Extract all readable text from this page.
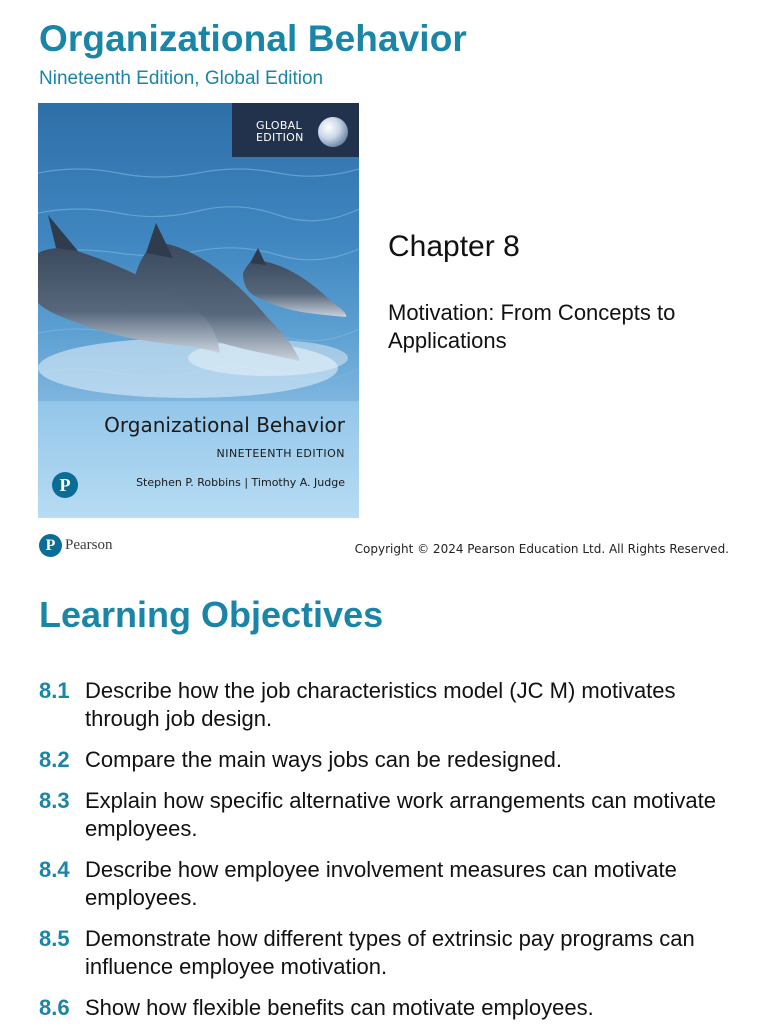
Organizational Behavior
Nineteenth Edition, Global Edition
GLOBAL
EDITION
Organizational Behavior
NINETEENTH EDITION
P	Stephen P. Robbins | Timothy A. Judge
Chapter 8
Motivation: From Concepts to Applications
P Pearson	Copyright © 2024 Pearson Education Ltd. All Rights Reserved.
Learning Objectives
8.1 Describe how the job characteristics model (JC M) motivates through job design.
8.2 Compare the main ways jobs can be redesigned.
8.3 Explain how specific alternative work arrangements can motivate employees.
8.4 Describe how employee involvement measures can motivate employees.
8.5 Demonstrate how different types of extrinsic pay programs can influence employee motivation.
8.6 Show how flexible benefits can motivate employees.
